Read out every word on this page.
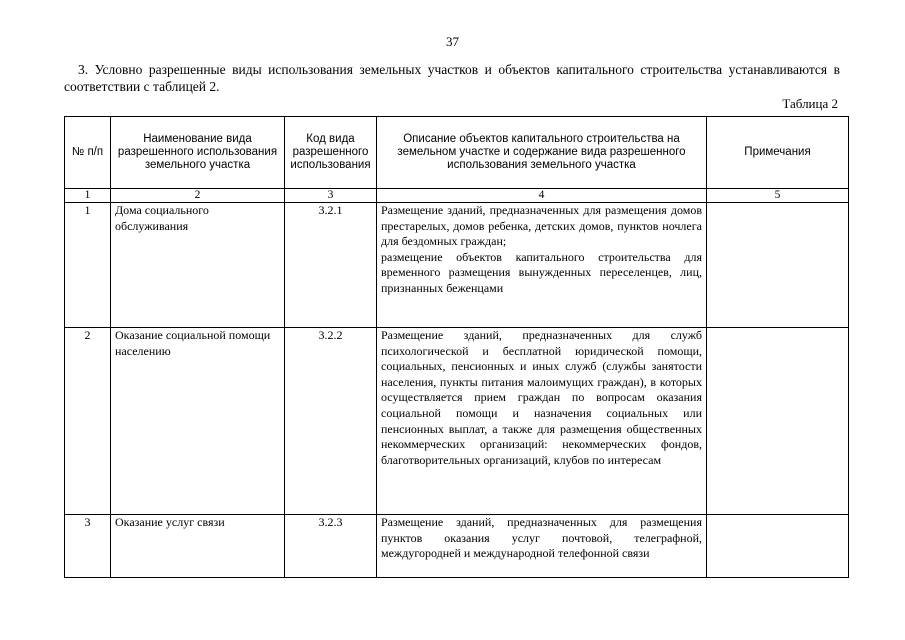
37
3. Условно разрешенные виды использования земельных участков и объектов капитального строительства устанавливаются в соответствии с таблицей 2.
Таблица 2
№ п/п	Наименование вида разрешенного использования земельного участка	Код вида разрешенного использования	Описание объектов капитального строительства на земельном участке и содержание вида разрешенного использования земельного участка	Примечания
1	2	3	4	5
1	Дома социального обслуживания	3.2.1	Размещение зданий, предназначенных для размещения домов престарелых, домов ребенка, детских домов, пунктов ночлега для бездомных граждан;
размещение объектов капитального строительства для временного размещения вынужденных переселенцев, лиц, признанных беженцами	

2	Оказание социальной помощи населению	3.2.2	Размещение зданий, предназначенных для служб психологической и бесплатной юридической помощи, социальных, пенсионных и иных служб (службы занятости населения, пункты питания малоимущих граждан), в которых осуществляется прием граждан по вопросам оказания социальной помощи и назначения социальных или пенсионных выплат, а также для размещения общественных некоммерческих организаций: некоммерческих фондов, благотворительных организаций, клубов по интересам	

3	Оказание услуг связи	3.2.3	Размещение зданий, предназначенных для размещения пунктов оказания услуг почтовой, телеграфной, междугородней и международной телефонной связи	
